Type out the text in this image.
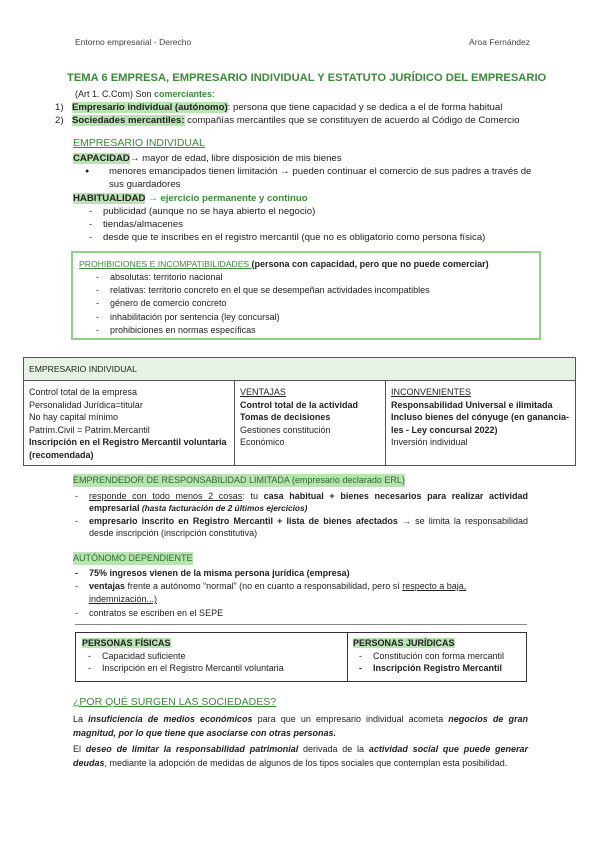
Entorno empresarial - Derecho	Aroa Fernández
TEMA 6 EMPRESA, EMPRESARIO INDIVIDUAL Y ESTATUTO JURÍDICO DEL EMPRESARIO
(Art 1. C.Com) Son comerciantes:
1) Empresario individual (autónomo): persona que tiene capacidad y se dedica a el de forma habitual
2) Sociedades mercantiles: compañías mercantiles que se constituyen de acuerdo al Código de Comercio
EMPRESARIO INDIVIDUAL
CAPACIDAD→ mayor de edad, libre disposición de mis bienes
● menores emancipados tienen limitación → pueden continuar el comercio de sus padres a través de sus guardadores
HABITUALIDAD → ejercicio permanente y continuo
- publicidad (aunque no se haya abierto el negocio)
- tiendas/almacenes
- desde que te inscribes en el registro mercantil (que no es obligatorio como persona física)
PROHIBICIONES E INCOMPATIBILIDADES (persona con capacidad, pero que no puede comerciar)
- absolutas: territorio nacional
- relativas: territorio concreto en el que se desempeñan actividades incompatibles
- género de comercio concreto
- inhabilitación por sentencia (ley concursal)
- prohibiciones en normas específicas
EMPRESARIO INDIVIDUAL

Control total de la empresa
Personalidad Jurídica=titular
No hay capital mínimo
Patrim.Civil = Patrim.Mercantil
Inscripción en el Registro Mercantil voluntaria (recomendada)

VENTAJAS
Control total de la actividad
Tomas de decisiones
Gestiones constitución
Económico

INCONVENIENTES
Responsabilidad Universal e ilimitada
Incluso bienes del cónyuge (en gananciales - Ley concursal 2022)
Inversión individual
EMPRENDEDOR DE RESPONSABILIDAD LIMITADA (empresario declarado ERL)
- responde con todo menos 2 cosas: tu casa habitual + bienes necesarios para realizar actividad empresarial (hasta facturación de 2 últimos ejercicios)
- empresario inscrito en Registro Mercantil + lista de bienes afectados → se limita la responsabilidad desde inscripción (inscripción constitutiva)
AUTÓNOMO DEPENDIENTE
- 75% ingresos vienen de la misma persona jurídica (empresa)
- ventajas frente a autónomo “normal” (no en cuanto a responsabilidad, pero sí respecto a baja, indemnización...)
- contratos se escriben en el SEPE
PERSONAS FÍSICAS
- Capacidad suficiente
- Inscripción en el Registro Mercantil voluntaria
	PERSONAS JURÍDICAS
- Constitución con forma mercantil
- Inscripción Registro Mercantil
¿POR QUÉ SURGEN LAS SOCIEDADES?
La insuficiencia de medios económicos para que un empresario individual acometa negocios de gran magnitud, por lo que tiene que asociarse con otras personas.
El deseo de limitar la responsabilidad patrimonial derivada de la actividad social que puede generar deudas, mediante la adopción de medidas de algunos de los tipos sociales que contemplan esta posibilidad.
